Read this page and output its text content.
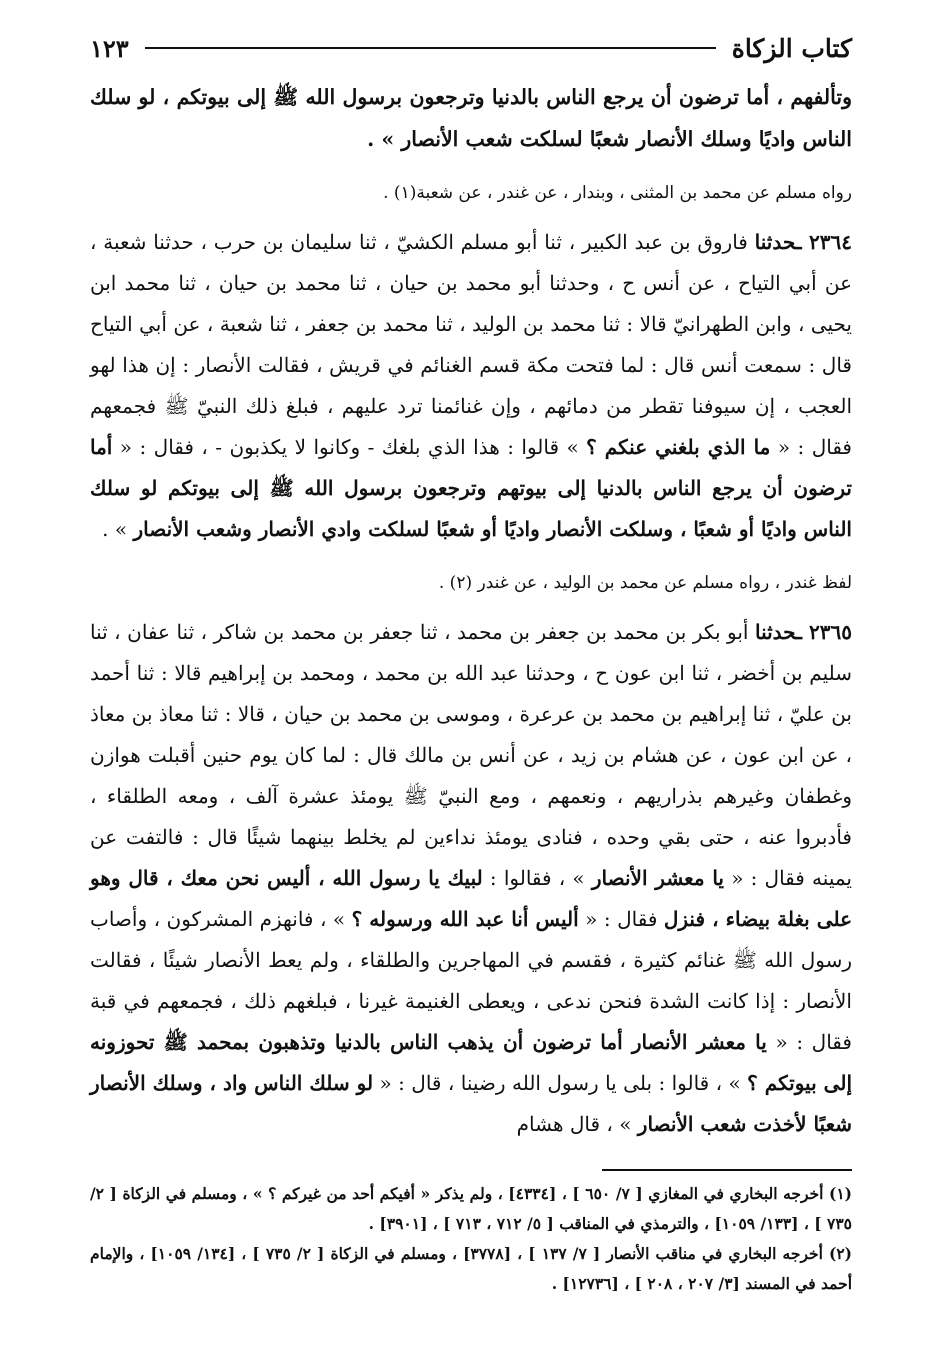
كتاب الزكاة
١٢٣

وتألفهم ، أما ترضون أن يرجع الناس بالدنيا وترجعون برسول الله ﷺ إلى بيوتكم ، لو سلك الناس واديًا وسلك الأنصار شعبًا لسلكت شعب الأنصار » .

رواه مسلم عن محمد بن المثنى ، وبندار ، عن غندر ، عن شعبة(١) .

٢٣٦٤ ـحدثنا فاروق بن عبد الكبير ، ثنا أبو مسلم الكشيّ ، ثنا سليمان بن حرب ، حدثنا شعبة ، عن أبي التياح ، عن أنس ح ، وحدثنا أبو محمد بن حيان ، ثنا محمد بن حيان ، ثنا محمد ابن يحيى ، وابن الطهرانيّ قالا : ثنا محمد بن الوليد ، ثنا محمد بن جعفر ، ثنا شعبة ، عن أبي التياح قال : سمعت أنس قال : لما فتحت مكة قسم الغنائم في قريش ، فقالت الأنصار : إن هذا لهو العجب ، إن سيوفنا تقطر من دمائهم ، وإن غنائمنا ترد عليهم ، فبلغ ذلك النبيّ ﷺ فجمعهم فقال : « ما الذي بلغني عنكم ؟ » قالوا : هذا الذي بلغك - وكانوا لا يكذبون - ، فقال : « أما ترضون أن يرجع الناس بالدنيا إلى بيوتهم وترجعون برسول الله ﷺ إلى بيوتكم لو سلك الناس واديًا أو شعبًا ، وسلكت الأنصار واديًا أو شعبًا لسلكت وادي الأنصار وشعب الأنصار » .

لفظ غندر ، رواه مسلم عن محمد بن الوليد ، عن غندر (٢) .

٢٣٦٥ ـحدثنا أبو بكر بن محمد بن جعفر بن محمد ، ثنا جعفر بن محمد بن شاكر ، ثنا عفان ، ثنا سليم بن أخضر ، ثنا ابن عون ح ، وحدثنا عبد الله بن محمد ، ومحمد بن إبراهيم قالا : ثنا أحمد بن عليّ ، ثنا إبراهيم بن محمد بن عرعرة ، وموسى بن محمد بن حيان ، قالا : ثنا معاذ بن معاذ ، عن ابن عون ، عن هشام بن زيد ، عن أنس بن مالك قال : لما كان يوم حنين أقبلت هوازن وغطفان وغيرهم بذراريهم ، ونعمهم ، ومع النبيّ ﷺ يومئذ عشرة آلف ، ومعه الطلقاء ، فأدبروا عنه ، حتى بقي وحده ، فنادى يومئذ نداءين لم يخلط بينهما شيئًا قال : فالتفت عن يمينه فقال : « يا معشر الأنصار » ، فقالوا : لبيك يا رسول الله ، أليس نحن معك ، قال وهو على بغلة بيضاء ، فنزل فقال : « أليس أنا عبد الله ورسوله ؟ » ، فانهزم المشركون ، وأصاب رسول الله ﷺ غنائم كثيرة ، فقسم في المهاجرين والطلقاء ، ولم يعط الأنصار شيئًا ، فقالت الأنصار : إذا كانت الشدة فنحن ندعى ، ويعطى الغنيمة غيرنا ، فبلغهم ذلك ، فجمعهم في قبة فقال : « يا معشر الأنصار أما ترضون أن يذهب الناس بالدنيا وتذهبون بمحمد ﷺ تحوزونه إلى بيوتكم ؟ » ، قالوا : بلى يا رسول الله رضينا ، قال : « لو سلك الناس واد ، وسلك الأنصار شعبًا لأخذت شعب الأنصار » ، قال هشام

(١) أخرجه البخاري في المغازي [ ٧/ ٦٥٠ ] ، [٤٣٣٤] ، ولم يذكر « أفيكم أحد من غيركم ؟ » ، ومسلم في الزكاة [ ٢/ ٧٣٥ ] ، [١٣٣/ ١٠٥٩] ، والترمذي في المناقب [ ٥/ ٧١٢ ، ٧١٣ ] ، [٣٩٠١] .

(٢) أخرجه البخاري في مناقب الأنصار [ ٧/ ١٣٧ ] ، [٣٧٧٨] ، ومسلم في الزكاة [ ٢/ ٧٣٥ ] ، [١٣٤/ ١٠٥٩] ، والإمام أحمد في المسند [٣/ ٢٠٧ ، ٢٠٨ ] ، [١٢٧٣٦] .
